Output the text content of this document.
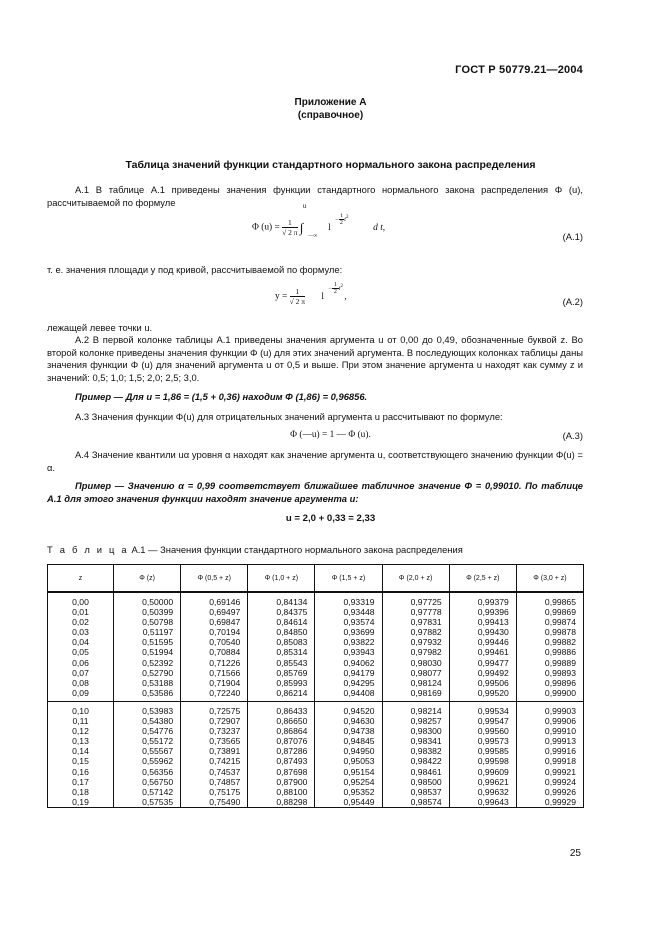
ГОСТ Р 50779.21—2004
Приложение А
(справочное)
Таблица значений функции стандартного нормального закона распределения
А.1 В таблице А.1 приведены значения функции стандартного нормального закона распределения Φ (u), рассчитываемой по формуле
Φ $(u) = \frac{1}{√ 2 \pi}$

u
∫
—∞
l
− $\frac{t}{2} t^2$
d t,
(А.1)
т. е. значения площади y под кривой, рассчитываемой по формуле:
$y = \frac{1}{√ 2 \pi}$ l
− $\frac{1}{2} t^2$
,	(А.2)
лежащей левее точки u.
А.2 В первой колонке таблицы А.1 приведены значения аргумента u от 0,00 до 0,49, обозначенные буквой z. Во второй колонке приведены значения функции Φ (u) для этих значений аргумента. В последующих колонках таблицы даны значения функции Φ (u) для значений аргумента u от 0,5 и выше. При этом значение аргумента u находят как сумму z и значений: 0,5; 1,0; 1,5; 2,0; 2,5; 3,0.
Пример — Для u = 1,86 = (1,5 + 0,36) находим Φ (1,86) = 0,96856.
А.3 Значения функции Φ(u) для отрицательных значений аргумента u рассчитывают по формуле:
Φ (—u) = 1 — Φ (u).	(А.3)
А.4 Значение квантили uα уровня α находят как значение аргумента u, соответствующего значению функции Φ(u) = α.
Пример — Значению α = 0,99 соответствует ближайшее табличное значение Φ = 0,99010. По таблице А.1 для этого значения функции находят значение аргумента u:
u = 2,0 + 0,33 = 2,33
Т а б л и ц а А.1 — Значения функции стандартного нормального закона распределения
z	Φ (z)	Φ (0,5 + z)	Φ (1,0 + z)	Φ (1,5 + z)	Φ (2,0 + z)	Φ (2,5 + z)	Φ (3,0 + z)
0,00	0,50000	0,69146	0,84134	0,93319	0,97725	0,99379	0,99865
0,01	0,50399	0,69497	0,84375	0,93448	0,97778	0,99396	0,99869
0,02	0,50798	0,69847	0,84614	0,93574	0,97831	0,99413	0,99874
0,03	0,51197	0,70194	0,84850	0,93699	0,97882	0,99430	0,99878
0,04	0,51595	0,70540	0,85083	0,93822	0,97932	0,99446	0,99882
0,05	0,51994	0,70884	0,85314	0,93943	0,97982	0,99461	0,99886
0,06	0,52392	0,71226	0,85543	0,94062	0,98030	0,99477	0,99889
0,07	0,52790	0,71566	0,85769	0,94179	0,98077	0,99492	0,99893
0,08	0,53188	0,71904	0,85993	0,94295	0,98124	0,99506	0,99896
0,09	0,53586	0,72240	0,86214	0,94408	0,98169	0,99520	0,99900
0,10	0,53983	0,72575	0,86433	0,94520	0,98214	0,99534	0,99903
0,11	0,54380	0,72907	0,86650	0,94630	0,98257	0,99547	0,99906
0,12	0,54776	0,73237	0,86864	0,94738	0,98300	0,99560	0,99910
0,13	0,55172	0,73565	0,87076	0,94845	0,98341	0,99573	0,99913
0,14	0,55567	0,73891	0,87286	0,94950	0,98382	0,99585	0,99916
0,15	0,55962	0,74215	0,87493	0,95053	0,98422	0,99598	0,99918
0,16	0,56356	0,74537	0,87698	0,95154	0,98461	0,99609	0,99921
0,17	0,56750	0,74857	0,87900	0,95254	0,98500	0,99621	0,99924
0,18	0,57142	0,75175	0,88100	0,95352	0,98537	0,99632	0,99926
0,19	0,57535	0,75490	0,88298	0,95449	0,98574	0,99643	0,99929
25
